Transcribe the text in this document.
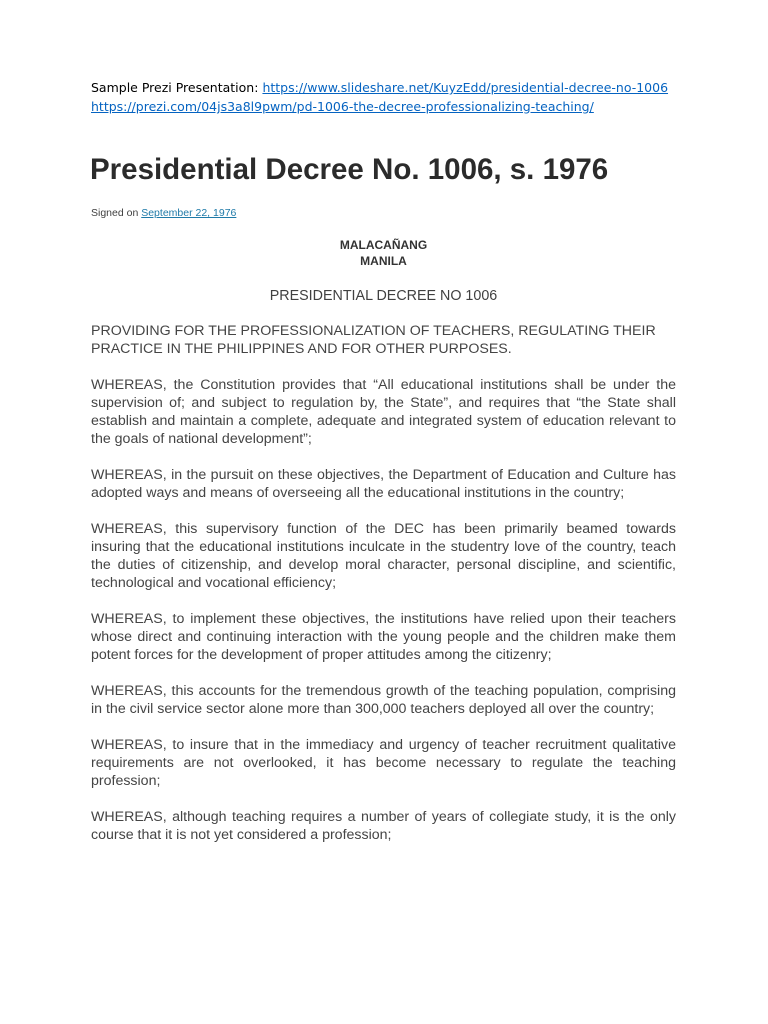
Sample Prezi Presentation: https://www.slideshare.net/KuyzEdd/presidential-decree-no-1006
https://prezi.com/04js3a8l9pwm/pd-1006-the-decree-professionalizing-teaching/
Presidential Decree No. 1006, s. 1976
Signed on September 22, 1976
MALACAÑANG
MANILA
PRESIDENTIAL DECREE NO 1006

PROVIDING FOR THE PROFESSIONALIZATION OF TEACHERS, REGULATING THEIR PRACTICE IN THE PHILIPPINES AND FOR OTHER PURPOSES.

WHEREAS, the Constitution provides that “All educational institutions shall be under the supervision of; and subject to regulation by, the State”, and requires that “the State shall establish and maintain a complete, adequate and integrated system of education relevant to the goals of national development”;

WHEREAS, in the pursuit on these objectives, the Department of Education and Culture has adopted ways and means of overseeing all the educational institutions in the country;

WHEREAS, this supervisory function of the DEC has been primarily beamed towards insuring that the educational institutions inculcate in the studentry love of the country, teach the duties of citizenship, and develop moral character, personal discipline, and scientific, technological and vocational efficiency;

WHEREAS, to implement these objectives, the institutions have relied upon their teachers whose direct and continuing interaction with the young people and the children make them potent forces for the development of proper attitudes among the citizenry;

WHEREAS, this accounts for the tremendous growth of the teaching population, comprising in the civil service sector alone more than 300,000 teachers deployed all over the country;

WHEREAS, to insure that in the immediacy and urgency of teacher recruitment qualitative requirements are not overlooked, it has become necessary to regulate the teaching profession;

WHEREAS, although teaching requires a number of years of collegiate study, it is the only course that it is not yet considered a profession;
